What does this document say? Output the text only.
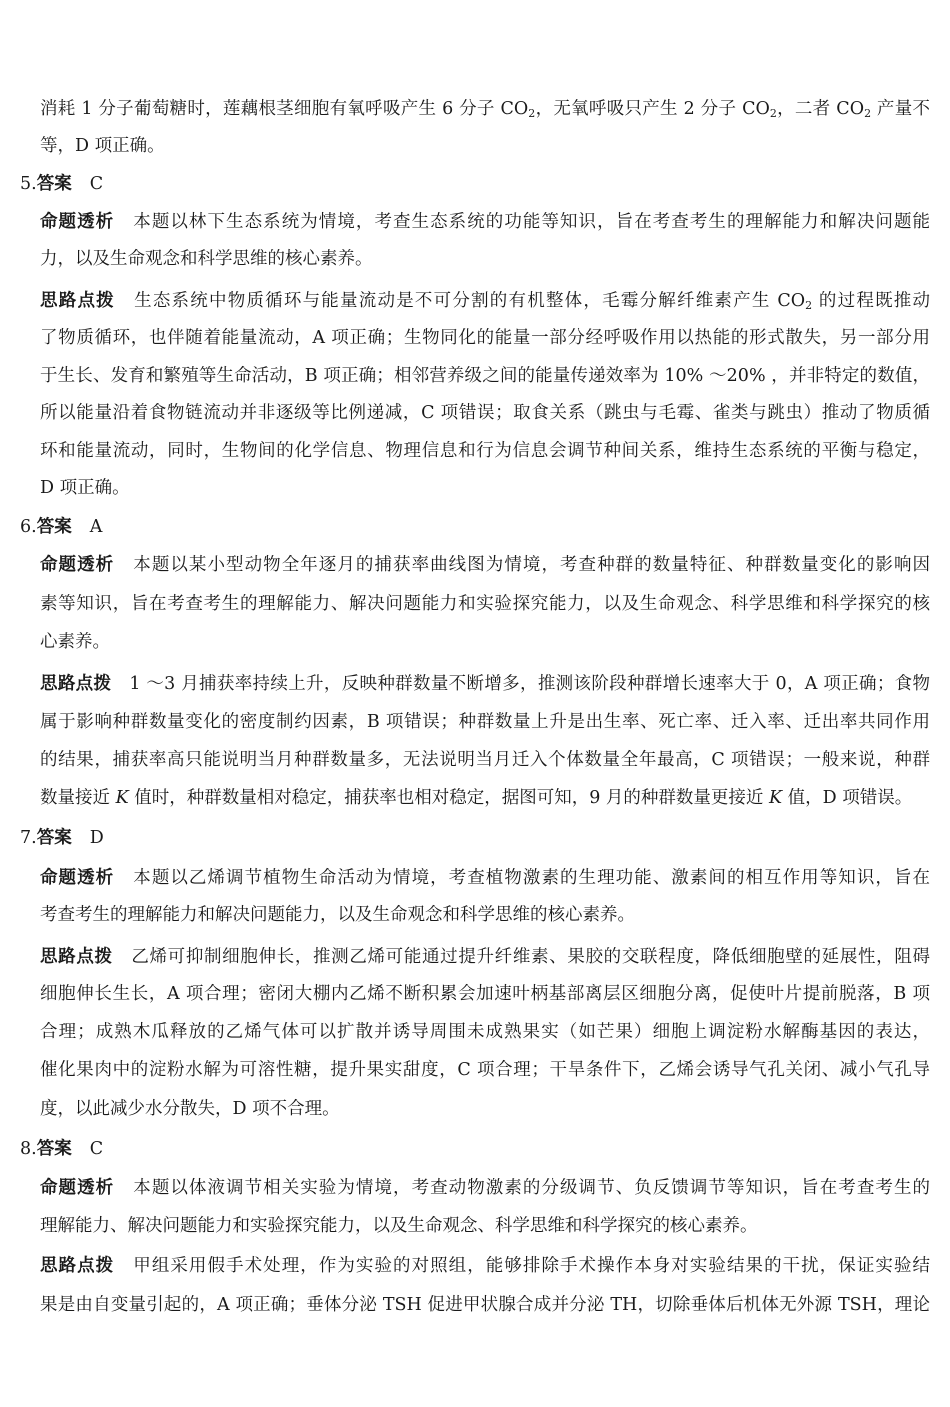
消耗 1 分子葡萄糖时，莲藕根茎细胞有氧呼吸产生 6 分子 $CO_2$，无氧呼吸只产生 2 分子 $CO_2$，二者 $CO_2$ 产量不
等，D 项正确。
5.答案 C
命题透析 本题以林下生态系统为情境，考查生态系统的功能等知识，旨在考查考生的理解能力和解决问题能
力，以及生命观念和科学思维的核心素养。
思路点拨 生态系统中物质循环与能量流动是不可分割的有机整体，毛霉分解纤维素产生 $CO_2$ 的过程既推动
了物质循环，也伴随着能量流动，A 项正确；生物同化的能量一部分经呼吸作用以热能的形式散失，另一部分用
于生长、发育和繁殖等生命活动，B 项正确；相邻营养级之间的能量传递效率为 10% ～20% ，并非特定的数值，
所以能量沿着食物链流动并非逐级等比例递减，C 项错误；取食关系（跳虫与毛霉、雀类与跳虫）推动了物质循
环和能量流动，同时，生物间的化学信息、物理信息和行为信息会调节种间关系，维持生态系统的平衡与稳定，
D 项正确。
6.答案 A
命题透析 本题以某小型动物全年逐月的捕获率曲线图为情境，考查种群的数量特征、种群数量变化的影响因
素等知识，旨在考查考生的理解能力、解决问题能力和实验探究能力，以及生命观念、科学思维和科学探究的核
心素养。
思路点拨 1 ～3 月捕获率持续上升，反映种群数量不断增多，推测该阶段种群增长速率大于 0，A 项正确；食物
属于影响种群数量变化的密度制约因素，B 项错误；种群数量上升是出生率、死亡率、迁入率、迁出率共同作用
的结果，捕获率高只能说明当月种群数量多，无法说明当月迁入个体数量全年最高，C 项错误；一般来说，种群
数量接近 K 值时，种群数量相对稳定，捕获率也相对稳定，据图可知，9 月的种群数量更接近 K 值，D 项错误。
7.答案 D
命题透析 本题以乙烯调节植物生命活动为情境，考查植物激素的生理功能、激素间的相互作用等知识，旨在
考查考生的理解能力和解决问题能力，以及生命观念和科学思维的核心素养。
思路点拨 乙烯可抑制细胞伸长，推测乙烯可能通过提升纤维素、果胶的交联程度，降低细胞壁的延展性，阻碍
细胞伸长生长，A 项合理；密闭大棚内乙烯不断积累会加速叶柄基部离层区细胞分离，促使叶片提前脱落，B 项
合理；成熟木瓜释放的乙烯气体可以扩散并诱导周围未成熟果实（如芒果）细胞上调淀粉水解酶基因的表达，
催化果肉中的淀粉水解为可溶性糖，提升果实甜度，C 项合理；干旱条件下，乙烯会诱导气孔关闭、减小气孔导
度，以此减少水分散失，D 项不合理。
8.答案 C
命题透析 本题以体液调节相关实验为情境，考查动物激素的分级调节、负反馈调节等知识，旨在考查考生的
理解能力、解决问题能力和实验探究能力，以及生命观念、科学思维和科学探究的核心素养。
思路点拨 甲组采用假手术处理，作为实验的对照组，能够排除手术操作本身对实验结果的干扰，保证实验结
果是由自变量引起的，A 项正确；垂体分泌 TSH 促进甲状腺合成并分泌 TH，切除垂体后机体无外源 TSH，理论
